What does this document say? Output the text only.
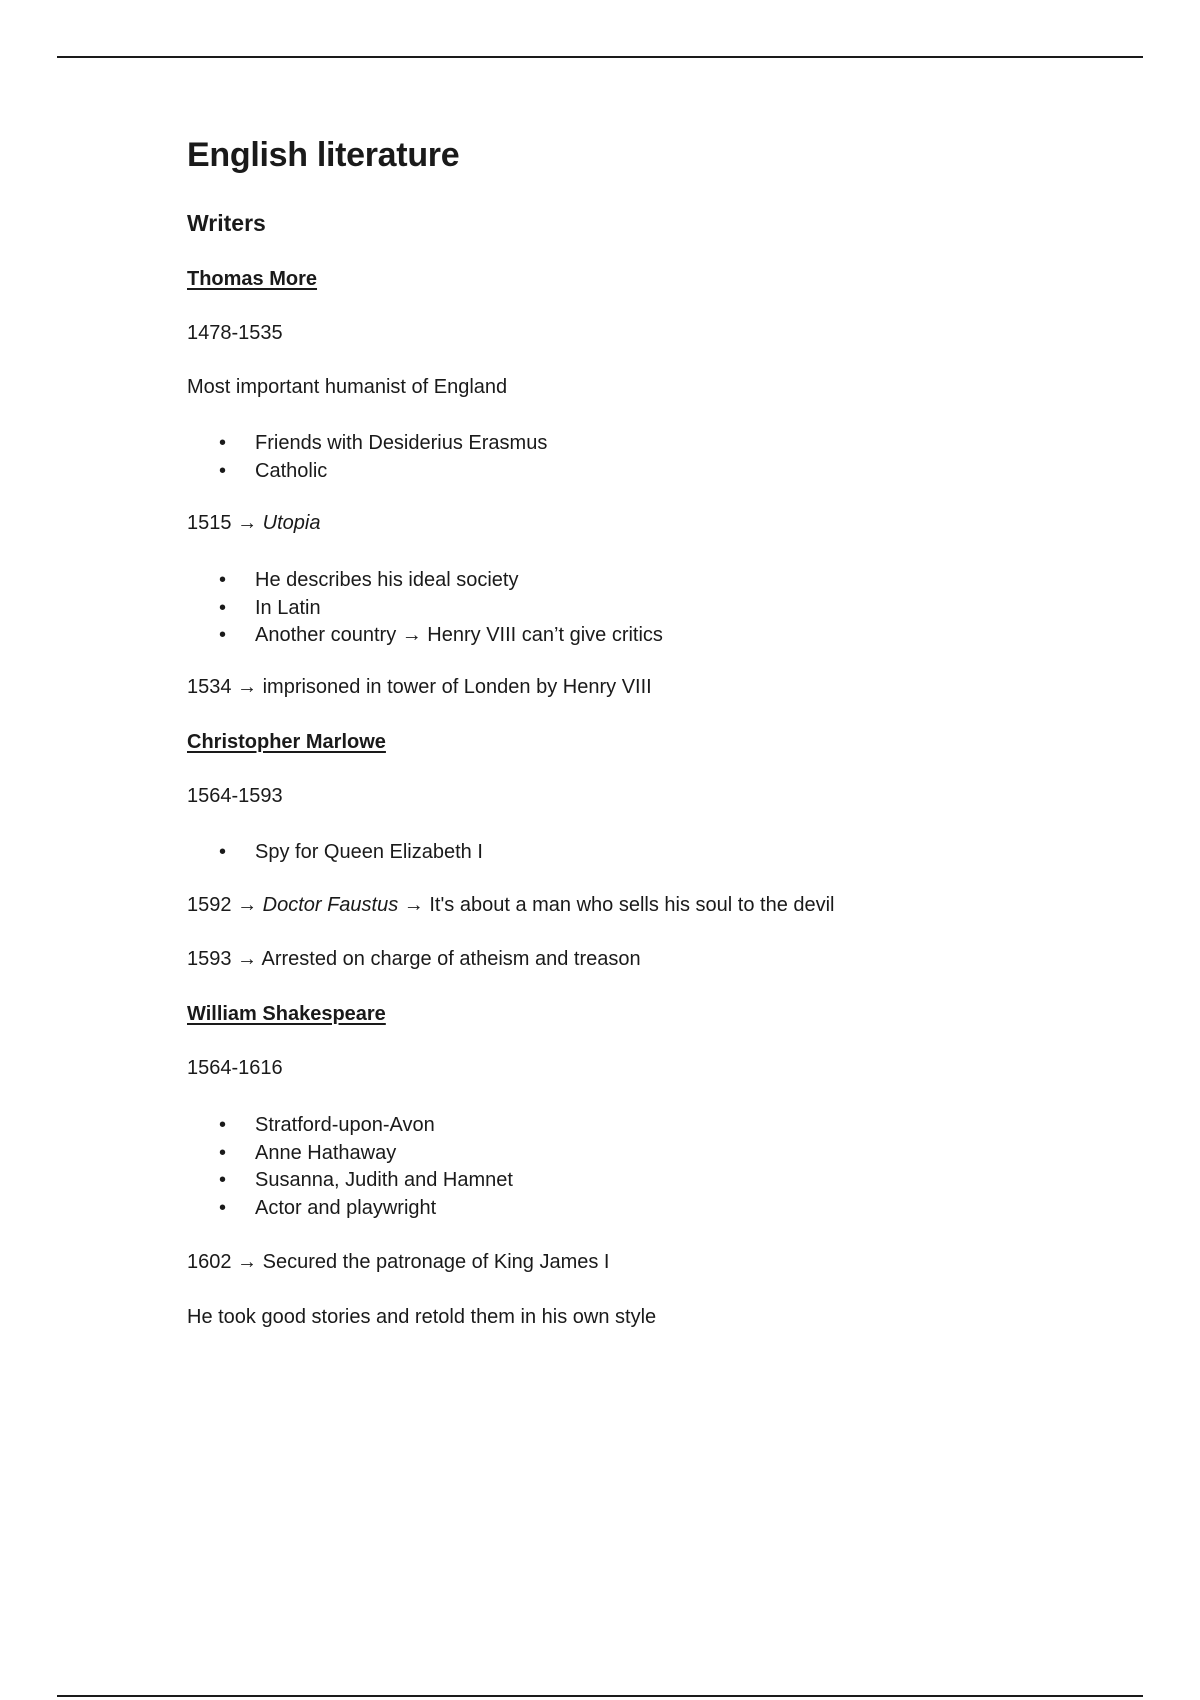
English literature
Writers
Thomas More
1478-1535
Most important humanist of England
• Friends with Desiderius Erasmus
• Catholic
1515 → Utopia
• He describes his ideal society
• In Latin
• Another country → Henry VIII can’t give critics
1534 → imprisoned in tower of Londen by Henry VIII
Christopher Marlowe
1564-1593
• Spy for Queen Elizabeth I
1592 → Doctor Faustus → It's about a man who sells his soul to the devil
1593 → Arrested on charge of atheism and treason
William Shakespeare
1564-1616
• Stratford-upon-Avon
• Anne Hathaway
• Susanna, Judith and Hamnet
• Actor and playwright
1602 → Secured the patronage of King James I
He took good stories and retold them in his own style
